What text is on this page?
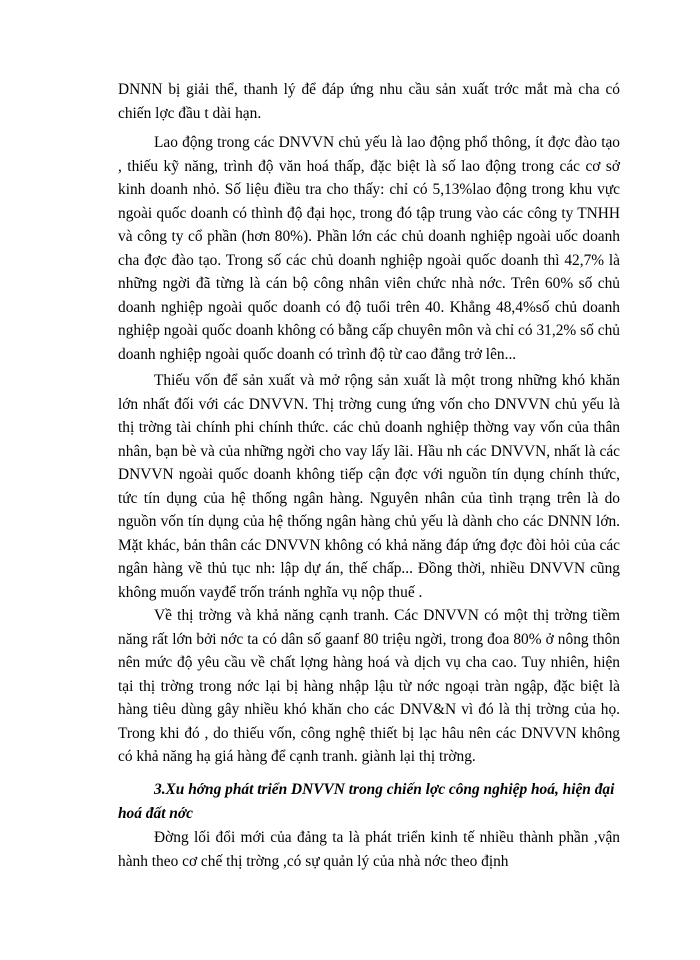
DNNN bị giải thể, thanh lý để đáp ứng nhu cầu sản xuất trớc mắt mà cha có chiến lợc đầu t dài hạn.

Lao động trong các DNVVN chủ yếu là lao động phổ thông, ít đợc đào tạo , thiếu kỹ năng, trình độ văn hoá thấp, đặc biệt là số lao động trong các cơ sở kinh doanh nhỏ. Số liệu điều tra cho thấy: chỉ có 5,13%lao động trong khu vực ngoài quốc doanh có thình độ đại học, trong đó tập trung vào các công ty TNHH và công ty cổ phần (hơn 80%). Phần lớn các chủ doanh nghiệp ngoài uốc doanh cha đợc đào tạo. Trong số các chủ doanh nghiệp ngoài quốc doanh thì 42,7% là những ngời đã từng là cán bộ công nhân viên chức nhà nớc. Trên 60% số chủ doanh nghiệp ngoài quốc doanh có độ tuổi trên 40. Khẳng 48,4%số chủ doanh nghiệp ngoài quốc doanh không có bằng cấp chuyên môn và chỉ có 31,2% số chủ doanh nghiệp ngoài quốc doanh có trình độ từ cao đẳng trở lên...

Thiếu vốn để sản xuất và mở rộng sản xuất là một trong những khó khăn lớn nhất đối với các DNVVN. Thị trờng cung ứng vốn cho DNVVN chủ yếu là thị trờng tài chính phi chính thức. các chủ doanh nghiệp thờng vay vốn của thân nhân, bạn bè và của những ngời cho vay lấy lãi. Hầu nh các DNVVN, nhất là các DNVVN ngoài quốc doanh không tiếp cận đợc với nguồn tín dụng chính thức, tức tín dụng của hệ thống ngân hàng. Nguyên nhân của tình trạng trên là do nguồn vốn tín dụng của hệ thống ngân hàng chủ yếu là dành cho các DNNN lớn. Mặt khác, bản thân các DNVVN không có khả năng đáp ứng đợc đòi hỏi của các ngân hàng về thủ tục nh: lập dự án, thế chấp... Đồng thời, nhiều DNVVN cũng không muốn vayđể trốn tránh nghĩa vụ nộp thuế .

Về thị trờng và khả năng cạnh tranh. Các DNVVN có một thị trờng tiềm năng rất lớn bởi nớc ta có dân số gaanf 80 triệu ngời, trong đoa 80% ở nông thôn nên mức độ yêu cầu về chất lợng hàng hoá và dịch vụ cha cao. Tuy nhiên, hiện tại thị trờng trong nớc lại bị hàng nhập lậu từ nớc ngoại tràn ngập, đặc biệt là hàng tiêu dùng gây nhiều khó khăn cho các DNV&N vì đó là thị trờng của họ. Trong khi đó , do thiếu vốn, công nghệ thiết bị lạc hâu nên các DNVVN không có khả năng hạ giá hàng để cạnh tranh. giành lại thị trờng.

3.Xu hớng phát triển DNVVN trong chiến lợc công nghiệp hoá, hiện đại hoá đất nớc

Đờng lối đổi mới của đảng ta là phát triển kinh tế nhiều thành phần ,vận hành theo cơ chế thị trờng ,có sự quản lý của nhà nớc theo định
